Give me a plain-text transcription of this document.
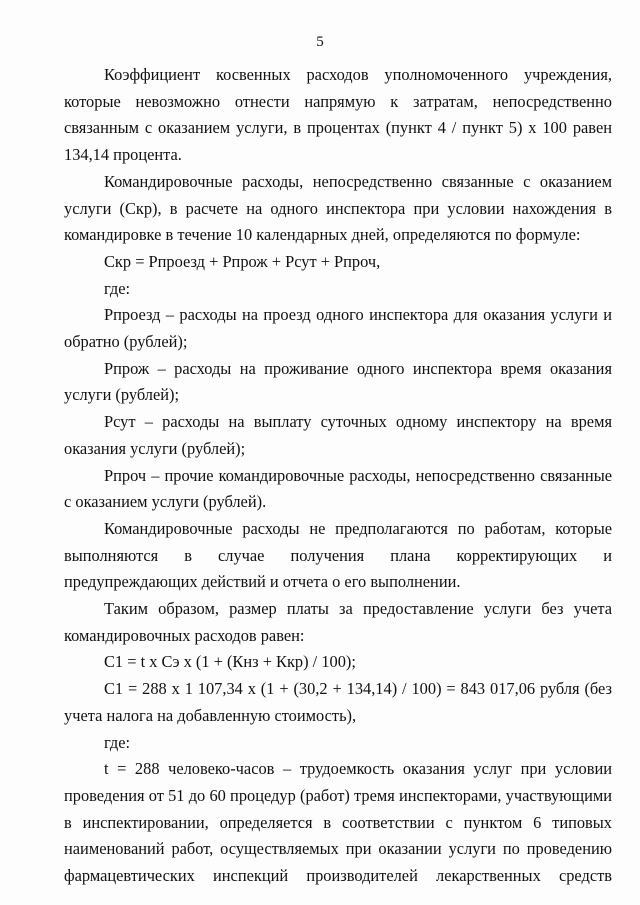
5

Коэффициент косвенных расходов уполномоченного учреждения, которые невозможно отнести напрямую к затратам, непосредственно связанным с оказанием услуги, в процентах (пункт 4 / пункт 5) x 100 равен 134,14 процента.

Командировочные расходы, непосредственно связанные с оказанием услуги (Скр), в расчете на одного инспектора при условии нахождения в командировке в течение 10 календарных дней, определяются по формуле:

Скр = Рпроезд + Рпрож + Рсут + Рпроч,

где:

Рпроезд – расходы на проезд одного инспектора для оказания услуги и обратно (рублей);

Рпрож – расходы на проживание одного инспектора время оказания услуги (рублей);

Рсут – расходы на выплату суточных одному инспектору на время оказания услуги (рублей);

Рпроч – прочие командировочные расходы, непосредственно связанные с оказанием услуги (рублей).

Командировочные расходы не предполагаются по работам, которые выполняются в случае получения плана корректирующих и предупреждающих действий и отчета о его выполнении.

Таким образом, размер платы за предоставление услуги без учета командировочных расходов равен:

C1 = t x Cэ x (1 + (Кнз + Ккр) / 100);

C1 = 288 x 1 107,34 x (1 + (30,2 + 134,14) / 100) = 843 017,06 рубля (без учета налога на добавленную стоимость),

где:

t = 288 человеко-часов – трудоемкость оказания услуг при условии проведения от 51 до 60 процедур (работ) тремя инспекторами, участвующими в инспектировании, определяется в соответствии с пунктом 6 типовых наименований работ, осуществляемых при оказании услуги по проведению фармацевтических инспекций производителей лекарственных средств
